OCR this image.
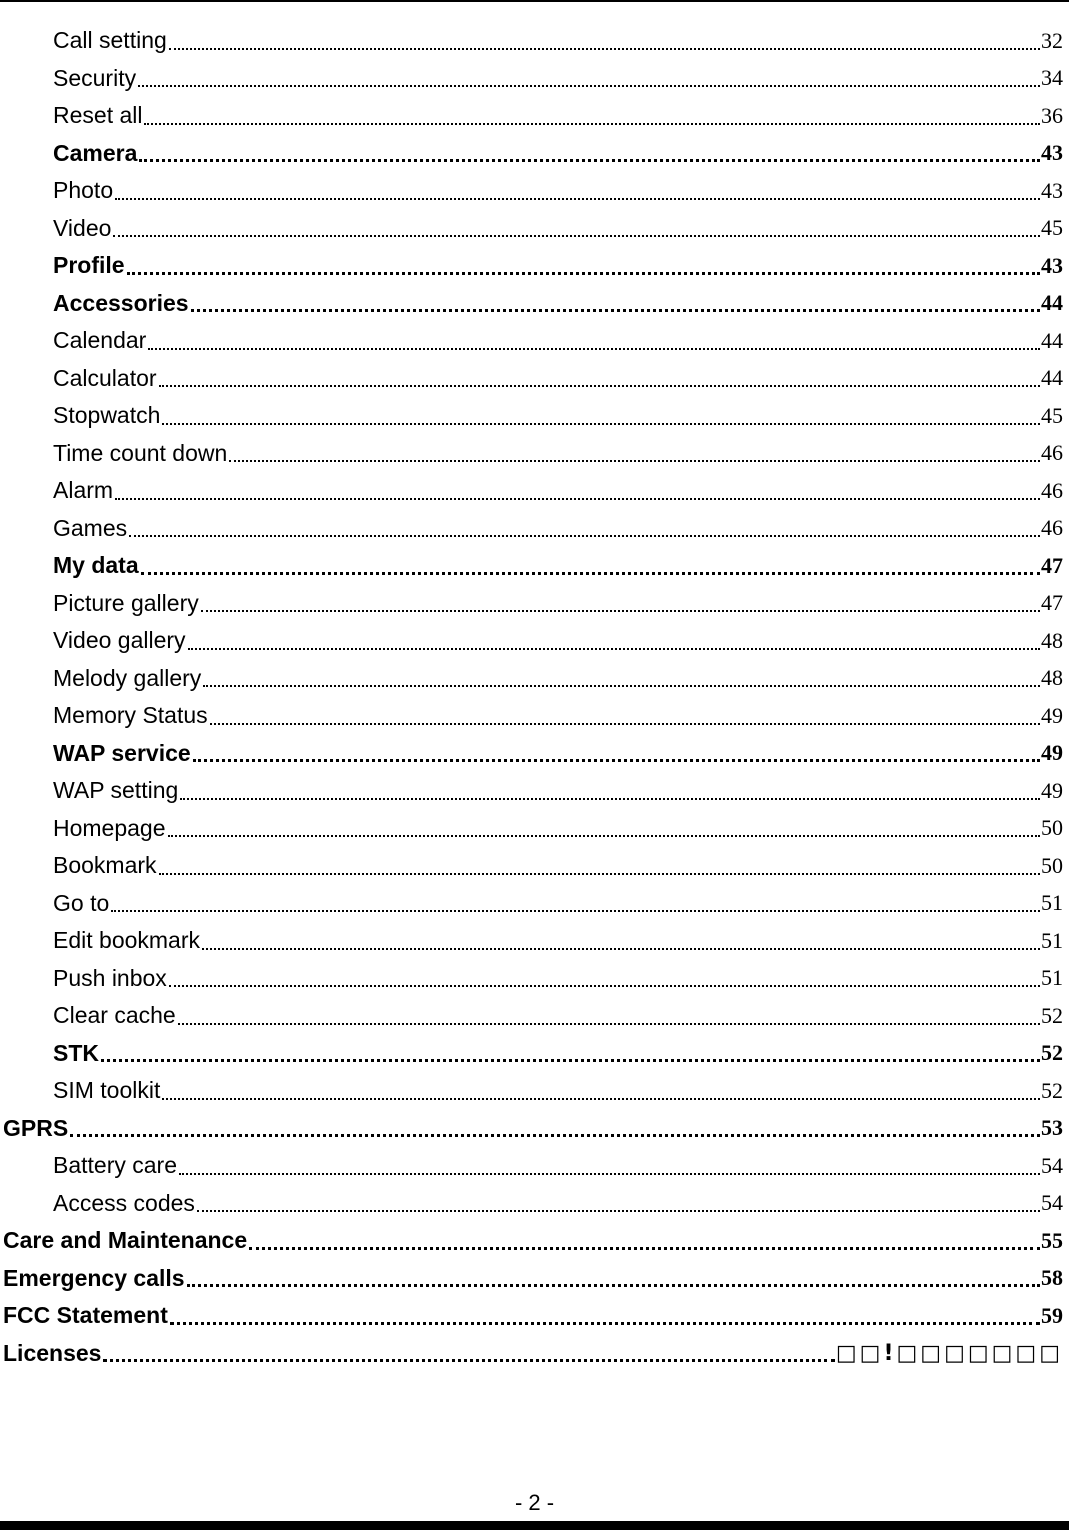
Call setting	32
Security	34
Reset all	36
Camera	43
Photo	43
Video	45
Profile	43
Accessories	44
Calendar	44
Calculator	44
Stopwatch	45
Time count down	46
Alarm	46
Games	46
My data	47
Picture gallery	47
Video gallery	48
Melody gallery	48
Memory Status	49
WAP service	49
WAP setting	49
Homepage	50
Bookmark	50
Go to	51
Edit bookmark	51
Push inbox	51
Clear cache	52
STK	52
SIM toolkit	52
GPRS	53
Battery care	54
Access codes	54
Care and Maintenance	55
Emergency calls	58
FCC Statement	59
Licenses	□□!□□□□□□□
- 2 -
